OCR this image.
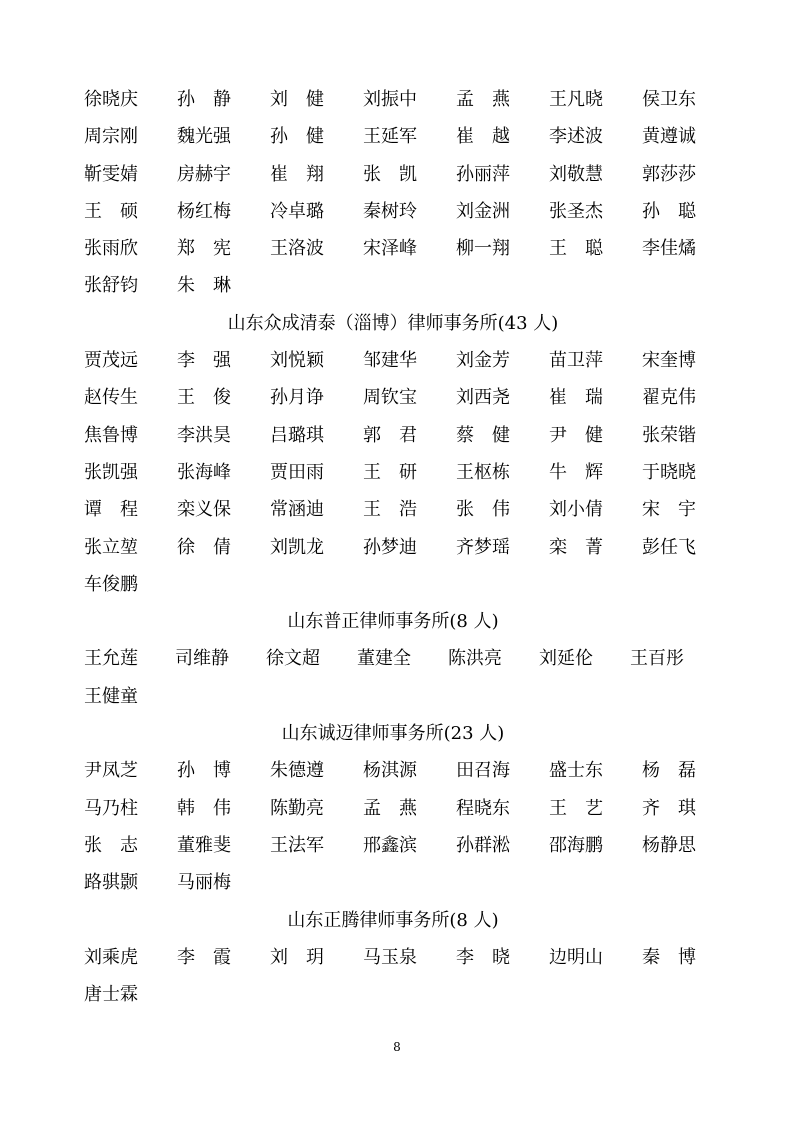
徐晓庆	孙　静	刘　健	刘振中	孟　燕	王凡晓	侯卫东
周宗刚	魏光强	孙　健	王延军	崔　越	李述波	黄遵诚
靳雯婧	房赫宇	崔　翔	张　凯	孙丽萍	刘敬慧	郭莎莎
王　硕	杨红梅	冷卓璐	秦树玲	刘金洲	张圣杰	孙　聪
张雨欣	郑　宪	王洛波	宋泽峰	柳一翔	王　聪	李佳燏
张舒钧	朱　琳
山东众成清泰（淄博）律师事务所(43 人)
贾茂远	李　强	刘悦颖	邹建华	刘金芳	苗卫萍	宋奎博
赵传生	王　俊	孙月诤	周钦宝	刘西尧	崔　瑞	翟克伟
焦鲁博	李洪昊	吕璐琪	郭　君	蔡　健	尹　健	张荣锴
张凯强	张海峰	贾田雨	王　研	王枢栋	牛　辉	于晓晓
谭　程	栾义保	常涵迪	王　浩	张　伟	刘小倩	宋　宇
张立堃	徐　倩	刘凯龙	孙梦迪	齐梦瑶	栾　菁	彭任飞
车俊鹏
山东普正律师事务所(8 人)
王允莲	司维静	徐文超	董建全	陈洪亮	刘延伦	王百彤
王健童
山东诚迈律师事务所(23 人)
尹凤芝	孙　博	朱德遵	杨淇源	田召海	盛士东	杨　磊
马乃柱	韩　伟	陈勤亮	孟　燕	程晓东	王　艺	齐　琪
张　志	董雅斐	王法军	邢鑫滨	孙群淞	邵海鹏	杨静思
路骐颢	马丽梅
山东正腾律师事务所(8 人)
刘乘虎	李　霞	刘　玥	马玉泉	李　晓	边明山	秦　博
唐士霖
8
